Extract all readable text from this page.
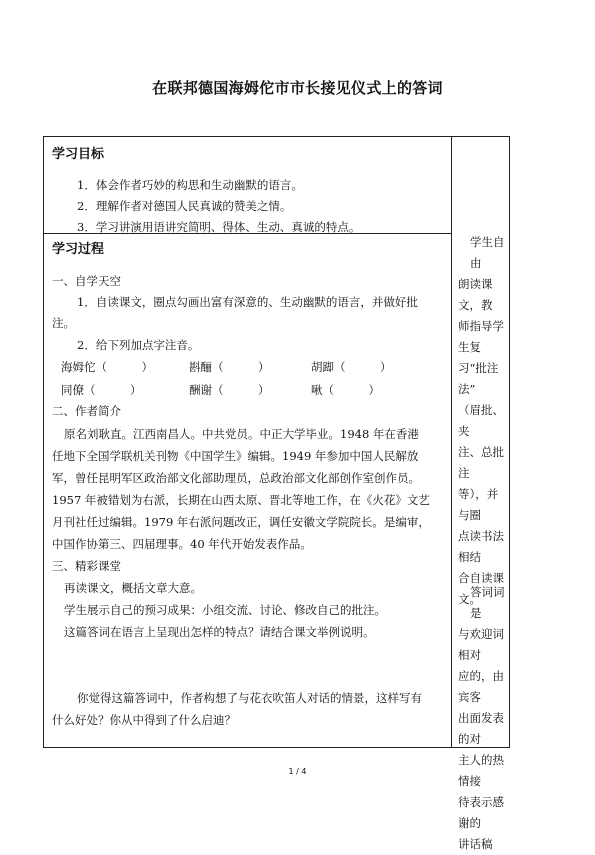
在联邦德国海姆佗市市长接见仪式上的答词
学习目标
1．体会作者巧妙的构思和生动幽默的语言。
2．理解作者对德国人民真诚的赞美之情。
3．学习讲演用语讲究简明、得体、生动、真诚的特点。
学习过程
一、自学天空
1．自读课文，圈点勾画出富有深意的、生动幽默的语言，并做好批
注。
2．给下列加点字注音。
海姆佗（　　　）	斟酾（　　　）	胡踋（　　　）
同僚（　　　）	酬谢（　　　）	啾（　　　）
二、作者简介
原名刘耿直。江西南昌人。中共党员。中正大学毕业。1948 年在香港
任地下全国学联机关刊物《中国学生》编辑。1949 年参加中国人民解放
军，曾任昆明军区政治部文化部助理员，总政治部文化部创作室创作员。
1957 年被错划为右派，长期在山西太原、晋北等地工作，在《火花》文艺
月刊社任过编辑。1979 年右派问题改正，调任安徽文学院院长。是编审，
中国作协第三、四届理事。40 年代开始发表作品。
三、精彩课堂
再读课文，概括文章大意。
学生展示自己的预习成果：小组交流、讨论、修改自己的批注。
这篇答词在语言上呈现出怎样的特点？请结合课文举例说明。
你觉得这篇答词中，作者构想了与花衣吹笛人对话的情景，这样写有
什么好处？你从中得到了什么启迪？
学生自由
朗读课文，教
师指导学生复
习“批注法”
（眉批、夹
注、总批注
等），并与圈
点读书法相结
合自读课文。
答词词是
与欢迎词相对
应的，由宾客
出面发表的对
主人的热情接
待表示感谢的
讲话稿
1 / 4
